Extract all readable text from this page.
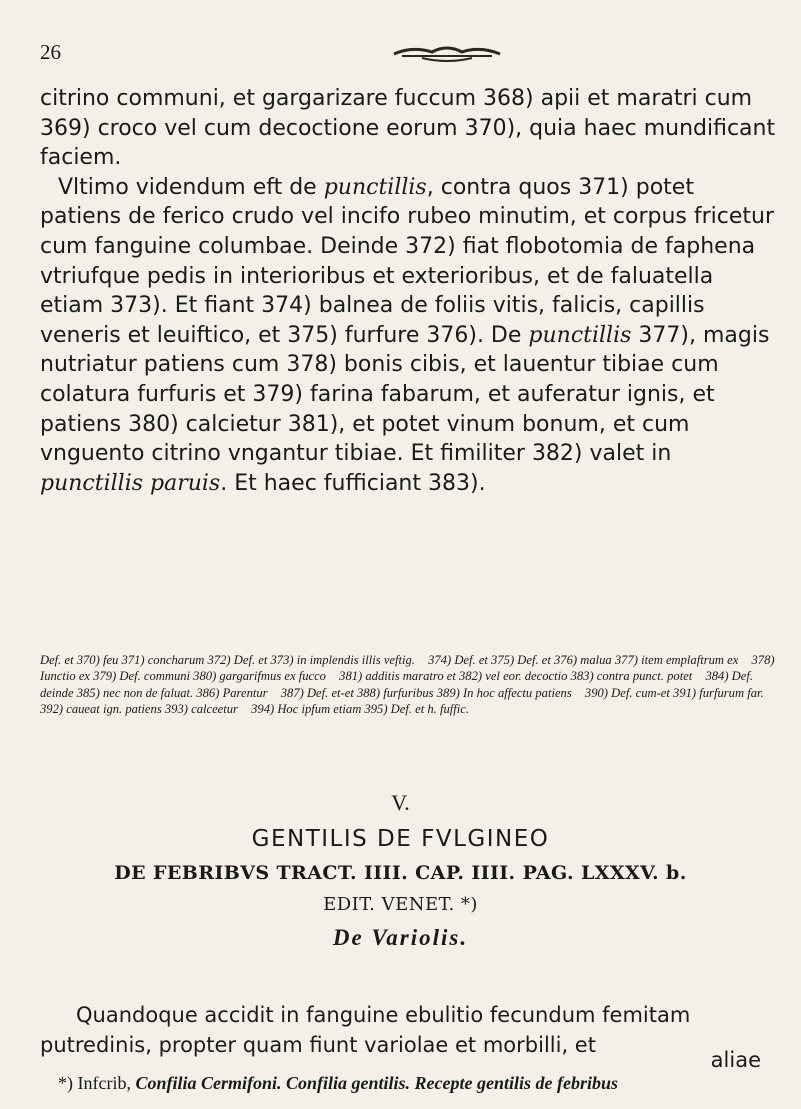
26

citrino communi, et gargarizare fuccum 368) apii et maratri cum 369) croco vel cum decoctione eorum 370), quia haec mundificant faciem.

Vltimo videndum eft de punctillis, contra quos 371) potet patiens de ferico crudo vel incifo rubeo minutim, et corpus fricetur cum fanguine columbae. Deinde 372) fiat flobotomia de faphena vtriufque pedis in interioribus et exterioribus, et de faluatella etiam 373). Et fiant 374) balnea de foliis vitis, falicis, capillis veneris et leuiftico, et 375) furfure 376). De punctillis 377), magis nutriatur patiens cum 378) bonis cibis, et lauentur tibiae cum colatura furfuris et 379) farina fabarum, et auferatur ignis, et patiens 380) calcietur 381), et potet vinum bonum, et cum vnguento citrino vngantur tibiae. Et fimiliter 382) valet in punctillis paruis. Et haec fufficiant 383).

Def. et 370) feu 371) concharum 372) Def. et 373) in implendis illis veftig. 374) Def. et 375) Def. et 376) malua 377) item emplaftrum ex 378) Iunctio ex 379) Def. communi 380) gargarifmus ex fucco 381) additis maratro et 382) vel eor. decoctio 383) contra punct. potet 384) Def. deinde 385) nec non de faluat. 386) Parentur 387) Def. et-et 388) furfuribus 389) In hoc affectu patiens 390) Def. cum-et 391) furfurum far. 392) caueat ign. patiens 393) calceetur 394) Hoc ipfum etiam 395) Def. et h. fuffic.
V.
GENTILIS DE FVLGINEO
DE FEBRIBVS TRACT. IIII. CAP. IIII. PAG. LXXXV. b.
EDIT. VENET. *)
De Variolis.

Quandoque accidit in fanguine ebulitio fecundum femitam putredinis, propter quam fiunt variolae et morbilli, et

aliae
*) Infcrib, Confilia Cermifoni. Confilia gentilis. Recepte gentilis de febribus
